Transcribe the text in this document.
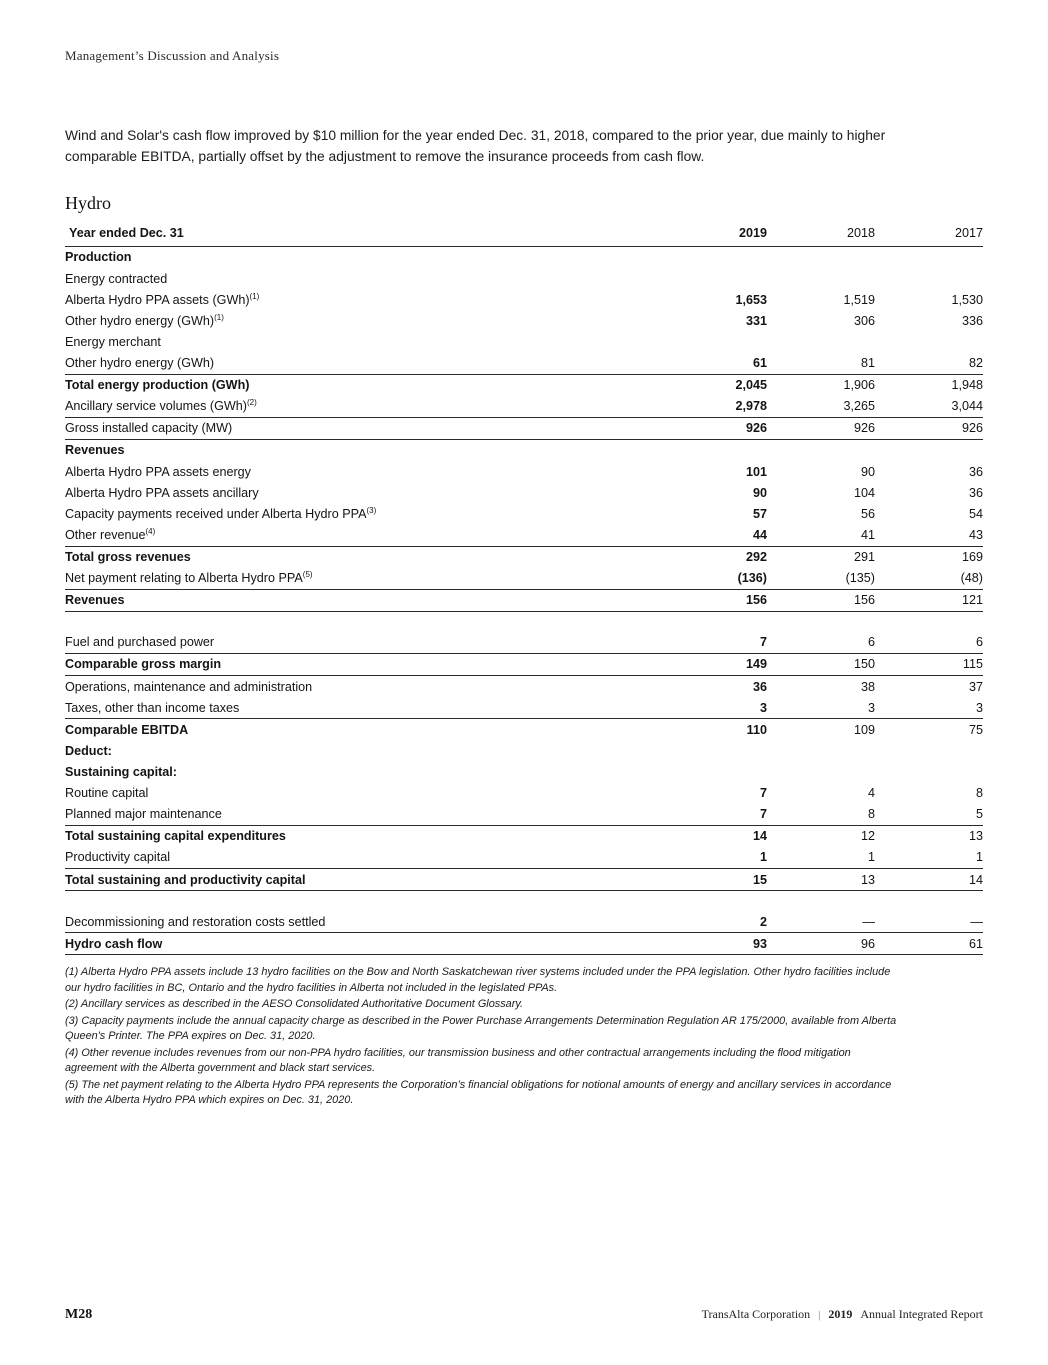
Management’s Discussion and Analysis

Wind and Solar's cash flow improved by $10 million for the year ended Dec. 31, 2018, compared to the prior year, due mainly to higher comparable EBITDA, partially offset by the adjustment to remove the insurance proceeds from cash flow.

Hydro
Year ended Dec. 31	2019	2018	2017
Production			
Energy contracted			
Alberta Hydro PPA assets (GWh)$^{(1)}$	1,653	1,519	1,530
Other hydro energy (GWh)$^{(1)}$	331	306	336
Energy merchant			
Other hydro energy (GWh)	61	81	82
Total energy production (GWh)	2,045	1,906	1,948
Ancillary service volumes (GWh)$^{(2)}$	2,978	3,265	3,044
Gross installed capacity (MW)	926	926	926
Revenues			
Alberta Hydro PPA assets energy	101	90	36
Alberta Hydro PPA assets ancillary	90	104	36
Capacity payments received under Alberta Hydro PPA$^{(3)}$	57	56	54
Other revenue$^{(4)}$	44	41	43
Total gross revenues	292	291	169
Net payment relating to Alberta Hydro PPA$^{(5)}$	(136)	(135)	(48)
Revenues	156	156	121

Fuel and purchased power	7	6	6
Comparable gross margin	149	150	115
Operations, maintenance and administration	36	38	37
Taxes, other than income taxes	3	3	3
Comparable EBITDA	110	109	75
Deduct:			
Sustaining capital:			
Routine capital	7	4	8
Planned major maintenance	7	8	5
Total sustaining capital expenditures	14	12	13
Productivity capital	1	1	1
Total sustaining and productivity capital	15	13	14

Decommissioning and restoration costs settled	2	—	—
Hydro cash flow	93	96	61

(1) Alberta Hydro PPA assets include 13 hydro facilities on the Bow and North Saskatchewan river systems included under the PPA legislation. Other hydro facilities include our hydro facilities in BC, Ontario and the hydro facilities in Alberta not included in the legislated PPAs.

(2) Ancillary services as described in the AESO Consolidated Authoritative Document Glossary.

(3) Capacity payments include the annual capacity charge as described in the Power Purchase Arrangements Determination Regulation AR 175/2000, available from Alberta Queen's Printer. The PPA expires on Dec. 31, 2020.

(4) Other revenue includes revenues from our non-PPA hydro facilities, our transmission business and other contractual arrangements including the flood mitigation agreement with the Alberta government and black start services.

(5) The net payment relating to the Alberta Hydro PPA represents the Corporation’s financial obligations for notional amounts of energy and ancillary services in accordance with the Alberta Hydro PPA which expires on Dec. 31, 2020.

M28	TransAlta Corporation | 2019 Annual Integrated Report
